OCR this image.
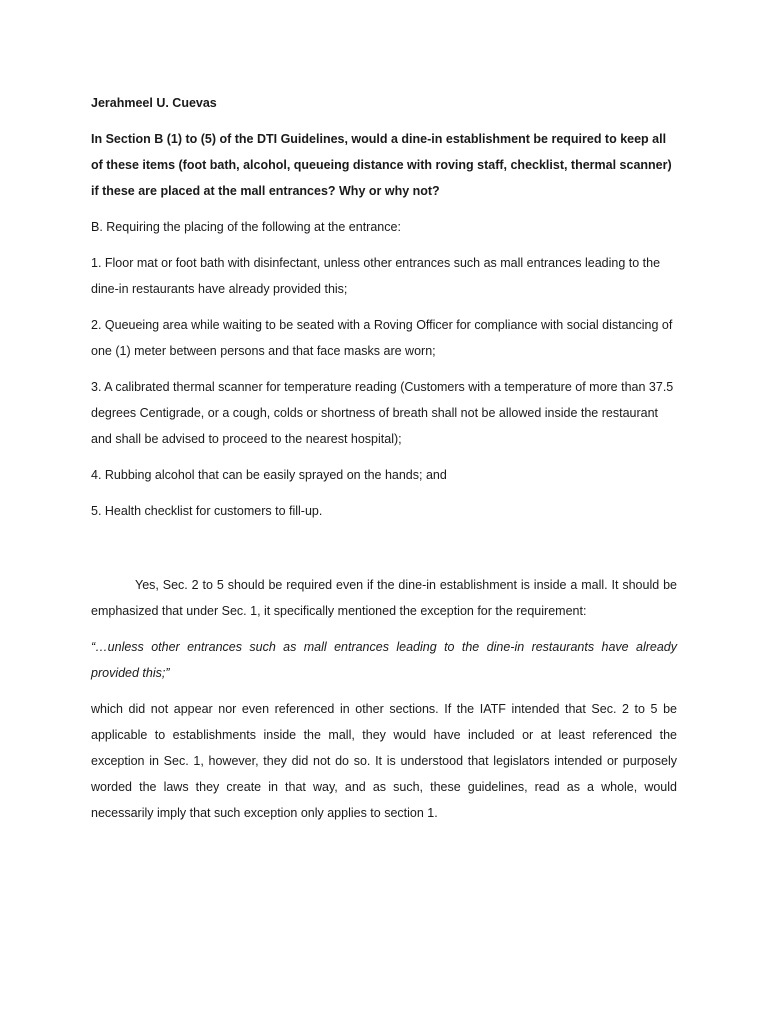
Jerahmeel U. Cuevas

In Section B (1) to (5) of the DTI Guidelines, would a dine-in establishment be required to keep all of these items (foot bath, alcohol, queueing distance with roving staff, checklist, thermal scanner) if these are placed at the mall entrances? Why or why not?

B. Requiring the placing of the following at the entrance:

1. Floor mat or foot bath with disinfectant, unless other entrances such as mall entrances leading to the dine-in restaurants have already provided this;

2. Queueing area while waiting to be seated with a Roving Officer for compliance with social distancing of one (1) meter between persons and that face masks are worn;

3. A calibrated thermal scanner for temperature reading (Customers with a temperature of more than 37.5 degrees Centigrade, or a cough, colds or shortness of breath shall not be allowed inside the restaurant and shall be advised to proceed to the nearest hospital);

4. Rubbing alcohol that can be easily sprayed on the hands; and

5. Health checklist for customers to fill-up.

Yes, Sec. 2 to 5 should be required even if the dine-in establishment is inside a mall. It should be emphasized that under Sec. 1, it specifically mentioned the exception for the requirement:

“…unless other entrances such as mall entrances leading to the dine-in restaurants have already provided this;”

which did not appear nor even referenced in other sections. If the IATF intended that Sec. 2 to 5 be applicable to establishments inside the mall, they would have included or at least referenced the exception in Sec. 1, however, they did not do so. It is understood that legislators intended or purposely worded the laws they create in that way, and as such, these guidelines, read as a whole, would necessarily imply that such exception only applies to section 1.
